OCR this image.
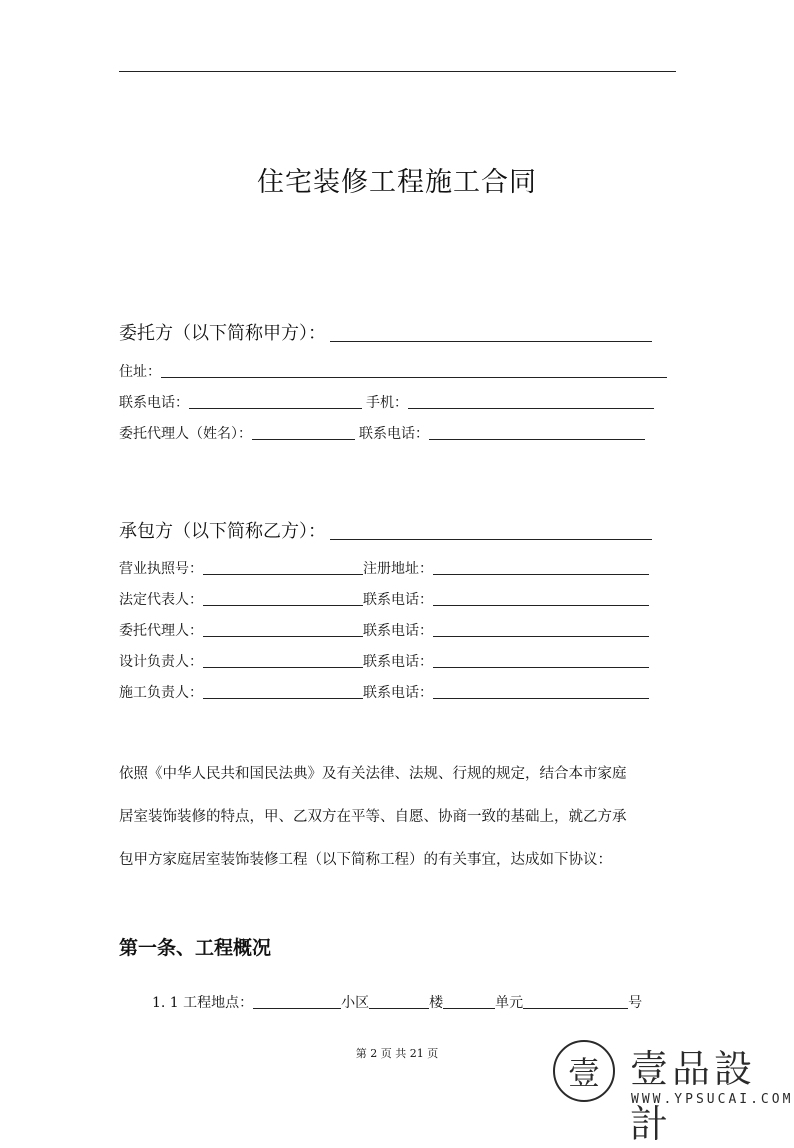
住宅装修工程施工合同
委托方（以下简称甲方）：
住址：
联系电话：	手机：
委托代理人（姓名）：	联系电话：
承包方（以下简称乙方）：
营业执照号：	注册地址：
法定代表人：	联系电话：
委托代理人：	联系电话：
设计负责人：	联系电话：
施工负责人：	联系电话：
依照《中华人民共和国民法典》及有关法律、法规、行规的规定，结合本市家庭
居室装饰装修的特点，甲、乙双方在平等、自愿、协商一致的基础上，就乙方承
包甲方家庭居室装饰装修工程（以下简称工程）的有关事宜，达成如下协议：
第一条、工程概况
1. 1 工程地点：	小区	楼	单元	号
第 2 页 共 21 页
壹 壹品設計
WWW.YPSUCAI.COM
